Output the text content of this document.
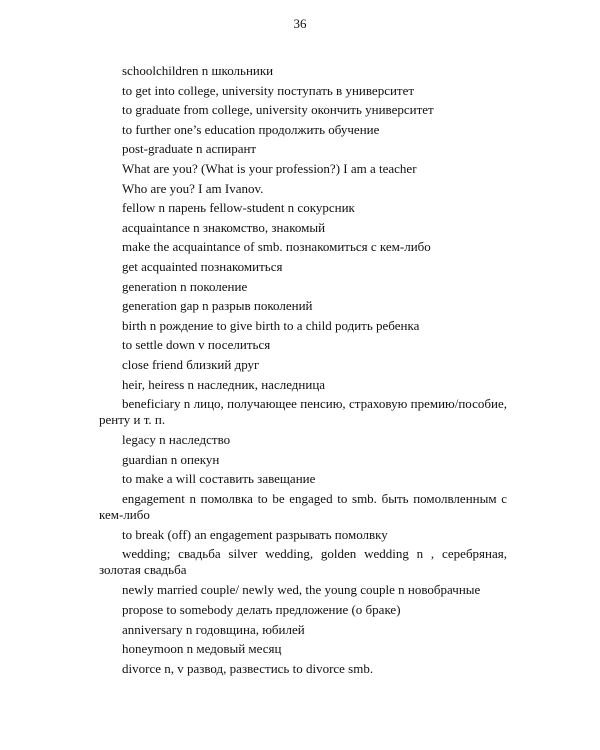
36
schoolchildren n школьники
to get into college, university поступать в университет
to graduate from college, university окончить университет
to further one’s education продолжить обучение
post-graduate n аспирант
What are you? (What is your profession?) I am a teacher
Who are you? I am Ivanov.
fellow n парень fellow-student n сокурсник
acquaintance n знакомство, знакомый
make the acquaintance of smb. познакомиться с кем-либо
get acquainted познакомиться
generation n поколение
generation gap n разрыв поколений
birth n рождение to give birth to a child родить ребенка
to settle down v поселиться
close friend близкий друг
heir, heiress n наследник, наследница
beneficiary n лицо, получающее пенсию, страховую премию/пособие, ренту и т. п.
legacy n наследство
guardian n опекун
to make a will составить завещание
engagement n помолвка to be engaged to smb. быть помолвленным с кем-либо
to break (off) an engagement разрывать помолвку
wedding; свадьба silver wedding, golden wedding n , серебряная, золотая свадьба
newly married couple/ newly wed, the young couple n новобрачные
propose to somebody делать предложение (о браке)
anniversary n годовщина, юбилей
honeymoon n медовый месяц
divorce n, v развод, развестись to divorce smb.
